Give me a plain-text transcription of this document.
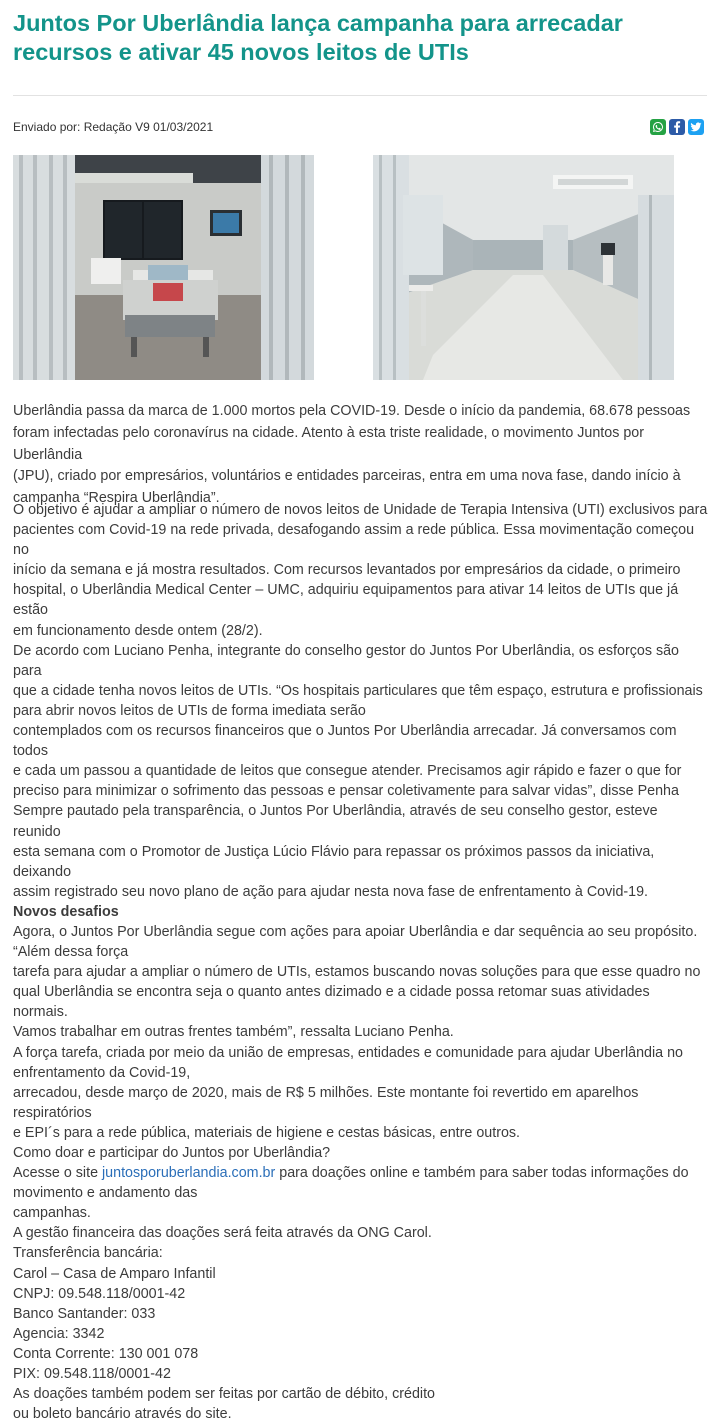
Juntos Por Uberlândia lança campanha para arrecadar recursos e ativar 45 novos leitos de UTIs
Enviado por: Redação V9 01/03/2021

Uberlândia passa da marca de 1.000 mortos pela COVID-19. Desde o início da pandemia, 68.678 pessoas

foram infectadas pelo coronavírus na cidade. Atento à esta triste realidade, o movimento Juntos por Uberlândia

(JPU), criado por empresários, voluntários e entidades parceiras, entra em uma nova fase, dando início à

campanha “Respira Uberlândia”.

O objetivo é ajudar a ampliar o número de novos leitos de Unidade de Terapia Intensiva (UTI) exclusivos para

pacientes com Covid-19 na rede privada, desafogando assim a rede pública. Essa movimentação começou no

início da semana e já mostra resultados. Com recursos levantados por empresários da cidade, o primeiro

hospital, o Uberlândia Medical Center – UMC, adquiriu equipamentos para ativar 14 leitos de UTIs que já estão

em funcionamento desde ontem (28/2).

De acordo com Luciano Penha, integrante do conselho gestor do Juntos Por Uberlândia, os esforços são para

que a cidade tenha novos leitos de UTIs. “Os hospitais particulares que têm espaço, estrutura e profissionais

para abrir novos leitos de UTIs de forma imediata serão

contemplados com os recursos financeiros que o Juntos Por Uberlândia arrecadar. Já conversamos com todos

e cada um passou a quantidade de leitos que consegue atender. Precisamos agir rápido e fazer o que for

preciso para minimizar o sofrimento das pessoas e pensar coletivamente para salvar vidas”, disse Penha

Sempre pautado pela transparência, o Juntos Por Uberlândia, através de seu conselho gestor, esteve reunido

esta semana com o Promotor de Justiça Lúcio Flávio para repassar os próximos passos da iniciativa, deixando

assim registrado seu novo plano de ação para ajudar nesta nova fase de enfrentamento à Covid-19.

Novos desafios

Agora, o Juntos Por Uberlândia segue com ações para apoiar Uberlândia e dar sequência ao seu propósito.

“Além dessa força

tarefa para ajudar a ampliar o número de UTIs, estamos buscando novas soluções para que esse quadro no

qual Uberlândia se encontra seja o quanto antes dizimado e a cidade possa retomar suas atividades normais.

Vamos trabalhar em outras frentes também”, ressalta Luciano Penha.

A força tarefa, criada por meio da união de empresas, entidades e comunidade para ajudar Uberlândia no

enfrentamento da Covid-19,

arrecadou, desde março de 2020, mais de R$ 5 milhões. Este montante foi revertido em aparelhos respiratórios

e EPI´s para a rede pública, materiais de higiene e cestas básicas, entre outros.

Como doar e participar do Juntos por Uberlândia?

Acesse o site juntosporuberlandia.com.br para doações online e também para saber todas informações do

movimento e andamento das

campanhas.

A gestão financeira das doações será feita através da ONG Carol.

Transferência bancária:

Carol – Casa de Amparo Infantil

CNPJ: 09.548.118/0001-42

Banco Santander: 033

Agencia: 3342

Conta Corrente: 130 001 078

PIX: 09.548.118/0001-42

As doações também podem ser feitas por cartão de débito, crédito

ou boleto bancário através do site.
